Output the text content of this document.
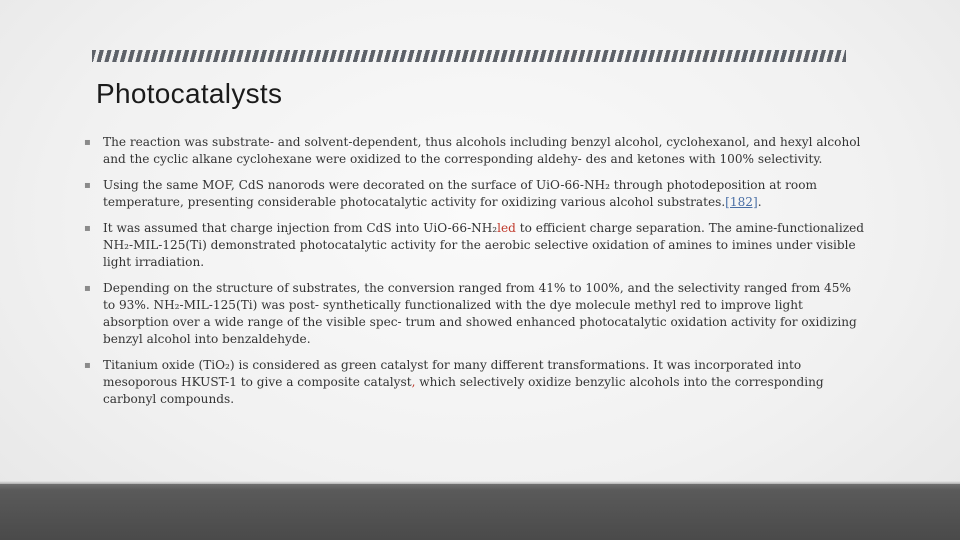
Photocatalysts
▪ The reaction was substrate- and solvent-dependent, thus alcohols including benzyl alcohol, cyclohexanol, and hexyl alcohol and the cyclic alkane cyclohexane were oxidized to the corresponding aldehy- des and ketones with 100% selectivity.
▪ Using the same MOF, CdS nanorods were decorated on the surface of UiO-66-NH₂ through photodeposition at room temperature, presenting considerable photocatalytic activity for oxidizing various alcohol substrates.[182].
▪ It was assumed that charge injection from CdS into UiO-66-NH₂led to efficient charge separation. The amine-functionalized NH₂-MIL-125(Ti) demonstrated photocatalytic activity for the aerobic selective oxidation of amines to imines under visible light irradiation.
▪ Depending on the structure of substrates, the conversion ranged from 41% to 100%, and the selectivity ranged from 45% to 93%. NH₂-MIL-125(Ti) was post- synthetically functionalized with the dye molecule methyl red to improve light absorption over a wide range of the visible spec- trum and showed enhanced photocatalytic oxidation activity for oxidizing benzyl alcohol into benzaldehyde.
▪ Titanium oxide (TiO₂) is considered as green catalyst for many different transformations. It was incorporated into mesoporous HKUST-1 to give a composite catalyst, which selectively oxidize benzylic alcohols into the corresponding carbonyl compounds.
